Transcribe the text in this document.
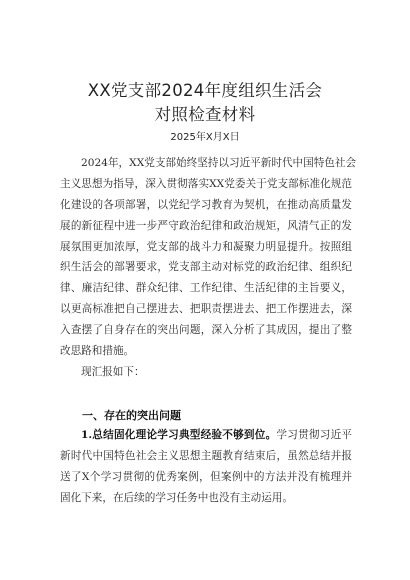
XX党支部2024年度组织生活会
对照检查材料
2025年X月X日
2024年，XX党支部始终坚持以习近平新时代中国特色社会
主义思想为指导，深入贯彻落实XX党委关于党支部标准化规范
化建设的各项部署，以党纪学习教育为契机，在推动高质量发
展的新征程中进一步严守政治纪律和政治规矩，风清气正的发
展氛围更加浓厚，党支部的战斗力和凝聚力明显提升。按照组
织生活会的部署要求，党支部主动对标党的政治纪律、组织纪
律、廉洁纪律、群众纪律、工作纪律、生活纪律的主旨要义，
以更高标准把自己摆进去、把职责摆进去、把工作摆进去，深
入查摆了自身存在的突出问题，深入分析了其成因，提出了整
改思路和措施。
现汇报如下：
一、存在的突出问题
1.总结固化理论学习典型经验不够到位。学习贯彻习近平
新时代中国特色社会主义思想主题教育结束后，虽然总结并报
送了X个学习贯彻的优秀案例，但案例中的方法并没有梳理并
固化下来，在后续的学习任务中也没有主动运用。
